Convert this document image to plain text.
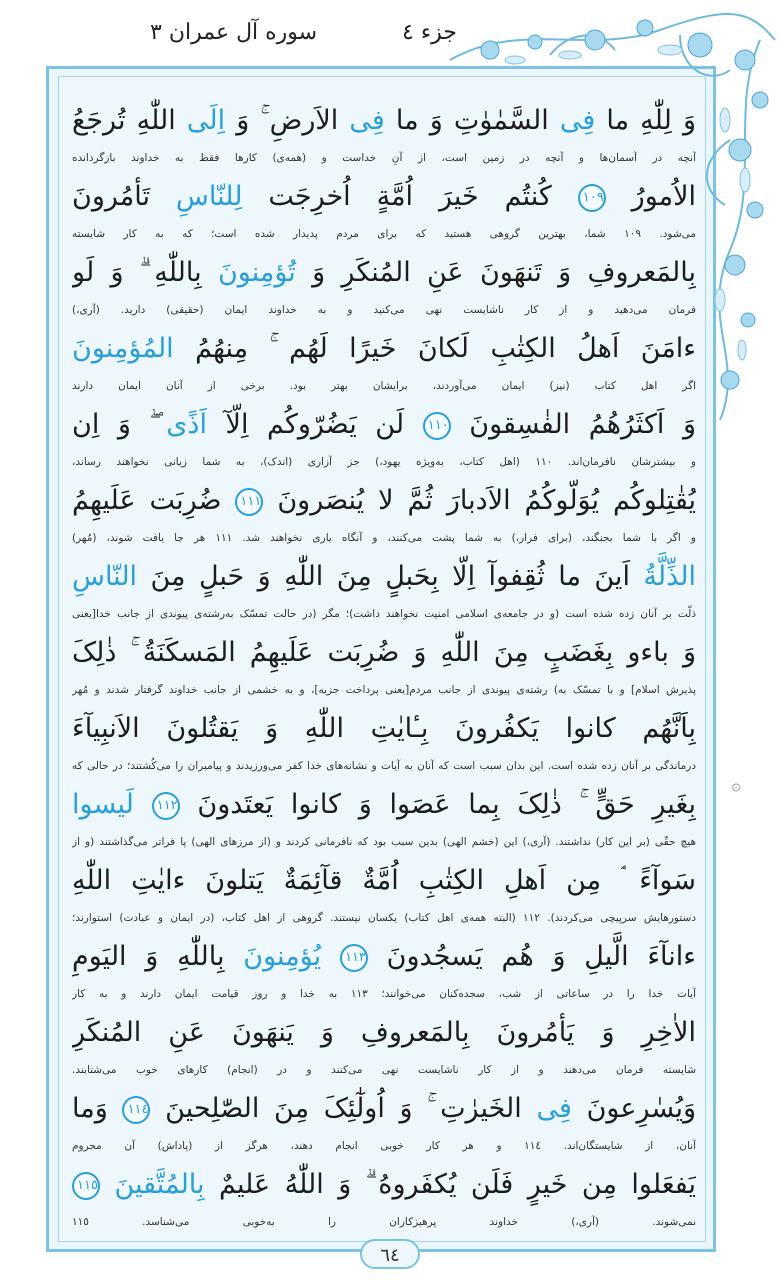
جزء ٤
سوره آل عمران ٣
۞
٦٤
وَ لِلّٰهِ ما فِی السَّمٰوٰتِ وَ ما فِی الاَرضِ ۚ وَ اِلَی اللّٰهِ تُرجَعُ
آنچه در آسمان‌ها و آنچه در زمین است، از آنِ خداست و (همه‌ی) کارها فقط به خداوند بازگردانده
الاُمورُ ١٠٩ کُنتُم خَیرَ اُمَّةٍ اُخرِجَت لِلنّاسِ تَأمُرونَ
می‌شود. ١٠٩ شما، بهترین گروهی هستید که برای مردم پدیدار شده است؛ که به کار شایسته
بِالمَعروفِ وَ تَنهَونَ عَنِ المُنکَرِ وَ تُؤمِنونَ بِاللّٰهِ ۗ وَ لَو
فرمان می‌دهید و از کار ناشایست نهی می‌کنید و به خداوند ایمان (حقیقی) دارید. (آری،)
ءامَنَ اَهلُ الکِتٰبِ لَکانَ خَیرًا لَهُم ۚ مِنهُمُ المُؤمِنونَ
اگر اهل کتاب (نیز) ایمان می‌آوردند، برایشان بهتر بود. برخی از آنان ایمان دارند
وَ اَکثَرُهُمُ الفٰسِقونَ ١١٠ لَن یَضُرّوکُم اِلّآ اَذًی ۖ وَ اِن
و بیشترشان نافرمان‌اند. ١١٠ (اهل کتاب، به‌ویژه یهود،) جز آزاری (اندک)، به شما زیانی نخواهند رساند،
یُقٰتِلوکُم یُوَلّوکُمُ الاَدبارَ ثُمَّ لا یُنصَرونَ ١١١ ضُرِبَت عَلَیهِمُ
و اگر با شما بجنگند، (برای فرار،) به شما پشت می‌کنند، و آنگاه یاری نخواهند شد. ١١١ هر جا یافت شوند، (مُهر)
الذِّلَّةُ اَینَ ما ثُقِفوآ اِلّا بِحَبلٍ مِنَ اللّٰهِ وَ حَبلٍ مِنَ النّاسِ
ذلّت بر آنان زده شده است (و در جامعه‌ی اسلامی امنیت نخواهند داشت)؛ مگر (در حالت تمسّک به‌رشته‌ی پیوندی از جانب خدا[یعنی
وَ باءو بِغَضَبٍ مِنَ اللّٰهِ وَ ضُرِبَت عَلَیهِمُ المَسکَنَةُ ۚ ذٰلِکَ
پذیرش اسلام] و با تمسّک به) رشته‌ی پیوندی از جانب مردم[یعنی پرداخت جزیه]، و به خشمی از جانب خداوند گرفتار شدند و مُهر
بِاَنَّهُم کانوا یَکفُرونَ بِـٔایٰتِ اللّٰهِ وَ یَقتُلونَ الاَنبِیآءَ
درماندگی بر آنان زده شده است. این بدان سبب است که آنان به آیات و نشانه‌های خدا کفر می‌ورزیدند و پیامبران را می‌کُشتند؛ در حالی که
بِغَیرِ حَقٍّ ۚ ذٰلِکَ بِما عَصَوا وَ کانوا یَعتَدونَ ١١٢ لَیسوا
هیچ حقّی (بر این کار) نداشتند. (آری،) این (خشم الهی) بدین سبب بود که نافرمانی کردند و (از مرزهای الهی) پا فراتر می‌گذاشتند (و از
سَوآءً ۘ مِن اَهلِ الکِتٰبِ اُمَّةٌ قآئِمَةٌ یَتلونَ ءایٰتِ اللّٰهِ
دستورهایش سرپیچی می‌کردند). ١١٢ (البته همه‌ی اهل کتاب) یکسان نیستند. گروهی از اهل کتاب، (در ایمان و عبادت) استوارند؛
ءانآءَ الَّیلِ وَ هُم یَسجُدونَ ١١٣ یُؤمِنونَ بِاللّٰهِ وَ اليَومِ
آیات خدا را در ساعاتی از شب، سجده‌کنان می‌خوانند؛ ١١٣ به خدا و روز قیامت ایمان دارند و به کار
الاٰخِرِ وَ یَأمُرونَ بِالمَعروفِ وَ یَنهَونَ عَنِ المُنکَرِ
شایسته فرمان می‌دهند و از کار ناشایست نهی می‌کنند و در (انجام) کارهای خوب می‌شتابند.
وَیُسٰرِعونَ فِی الخَیرٰتِ ۚ وَ اُولٰٓئِکَ مِنَ الصّٰلِحینَ ١١٤ وَما
آنان، از شایستگان‌اند. ١١٤ و هر کار خوبی انجام دهند، هرگز از (پاداش) آن محروم
یَفعَلوا مِن خَیرٍ فَلَن یُکفَروهُ ۗ وَ اللّٰهُ عَلیمٌ بِالمُتَّقینَ ١١٥
نمی‌شوند. (آری،) خداوند پرهیزکاران را به‌خوبی می‌شناسد. ١١٥
